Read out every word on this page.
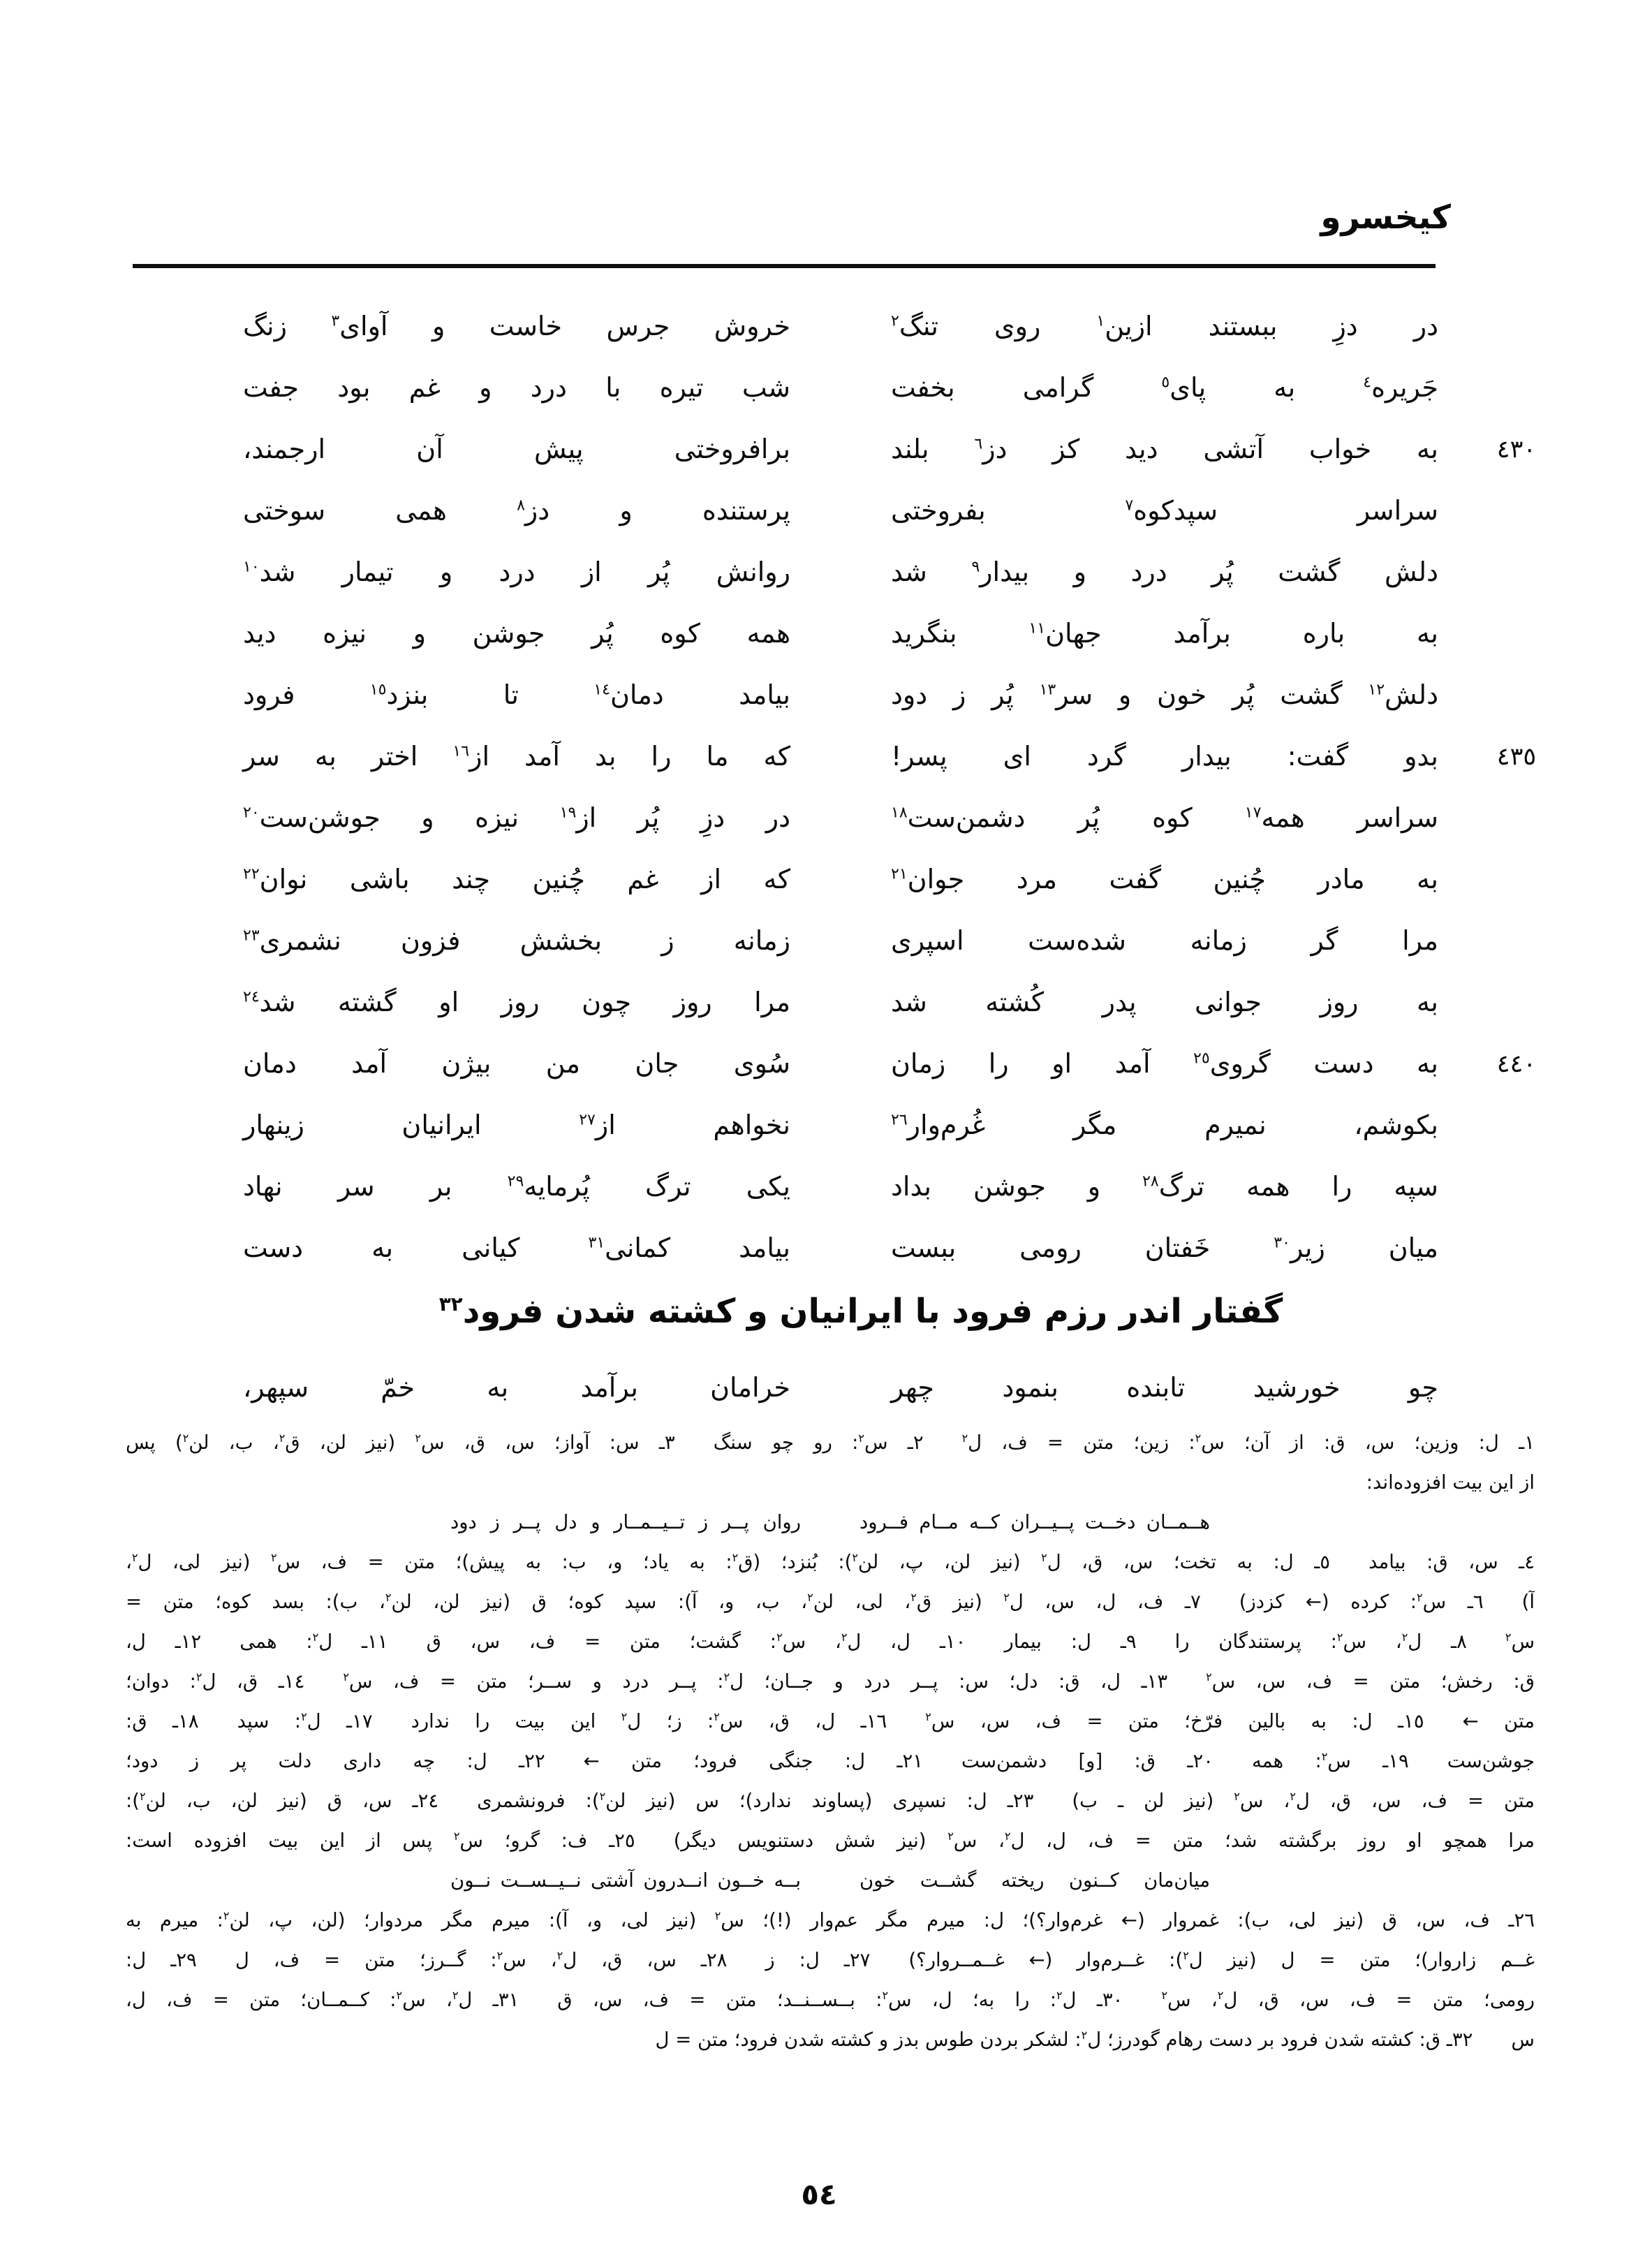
کیخسرو
در دزِ ببستند ازین$^١$ روی تنگ$^٢$
خروش جرس خاست و آوای$^٣$ زنگ
جَریره$^٤$ به پای$^٥$ گرامی بخفت
شب تیره با درد و غم بود جفت
٤٣٠
به خواب آتشی دید کز دز$^٦$ بلند
برافروختی پیش آن ارجمند،
سراسر سپدکوه$^٧$ بفروختی
پرستنده و دز$^٨$ همی سوختی
دلش گشت پُر درد و بیدار$^٩$ شد
روانش پُر از درد و تیمار شد$^{١٠}$
به باره برآمد جهان$^{١١}$ بنگرید
همه کوه پُر جوشن و نیزه دید
دلش$^{١٢}$ گشت پُر خون و سر$^{١٣}$ پُر ز دود
بیامد دمان$^{١٤}$ تا بنزد$^{١٥}$ فرود
٤٣٥
بدو گفت: بیدار گرد ای پسر!
که ما را بد آمد از$^{١٦}$ اختر به سر
سراسر همه$^{١٧}$ کوه پُر دشمن‌ست$^{١٨}$
در دزِ پُر از$^{١٩}$ نیزه و جوشن‌ست$^{٢٠}$
به مادر چُنین گفت مرد جوان$^{٢١}$
که از غم چُنین چند باشی نوان$^{٢٢}$
مرا گر زمانه شده‌ست اسپری
زمانه ز بخشش فزون نشمری$^{٢٣}$
به روز جوانی پدر کُشته شد
مرا روز چون روز او گشته شد$^{٢٤}$
٤٤٠
به دست گروی$^{٢٥}$ آمد او را زمان
سُوی جان من بیژن آمد دمان
بکوشم، نمیرم مگر غُرم‌وار$^{٢٦}$
نخواهم از$^{٢٧}$ ایرانیان زینهار
سپه را همه ترگ$^{٢٨}$ و جوشن بداد
یکی ترگ پُرمایه$^{٢٩}$ بر سر نهاد
میان زیر$^{٣٠}$ خَفتان رومی ببست
بیامد کمانی$^{٣١}$ کیانی به دست
گفتار اندر رزم فرود با ایرانیان و کشته شدن فرود$^{٣٢}$
چو خورشید تابنده بنمود چهر
خرامان برآمد به خمّ سپهر،
١ـ ل: وزین؛ س، ق: از آن؛ س$^٢$: زین؛ متن = ف، ل$^٢$  ٢ـ س$^٢$: رو چو سنگ  ٣ـ س: آواز؛ س، ق، س$^٢$ (نیز لن، ق$^٢$، ب، لن$^٢$) پس
از این بیت افزوده‌اند:
هــمــان دخــت پــیــران کــه مــام فــرود
روان پــر ز تــیــمــار و دل پــر ز دود
٤ـ س، ق: بیامد  ٥ـ ل: به تخت؛ س، ق، ل$^٢$ (نیز لن، پ، لن$^٢$): بُنزد؛ (ق$^٢$: به یاد؛ و، ب: به پیش)؛ متن = ف، س$^٢$ (نیز لی، ل$^٢$،
آ)  ٦ـ س$^٢$: کرده (← کزدز)  ٧ـ ف، ل، س، ل$^٢$ (نیز ق$^٢$، لی، لن$^٢$، ب، و، آ): سپد کوه؛ ق (نیز لن، لن$^٢$، ب): بسد کوه؛ متن =
س$^٢$  ٨ـ ل$^٢$، س$^٢$: پرستندگان را  ٩ـ ل: بیمار  ١٠ـ ل، ل$^٢$، س$^٢$: گشت؛ متن = ف، س، ق  ١١ـ ل$^٢$: همی  ١٢ـ ل،
ق: رخش؛ متن = ف، س، س$^٢$  ١٣ـ ل، ق: دل؛ س: پــر درد و جــان؛ ل$^٢$: پــر درد و ســر؛ متن = ف، س$^٢$  ١٤ـ ق، ل$^٢$: دوان؛
متن ←  ١٥ـ ل: به بالین فرّخ؛ متن = ف، س، س$^٢$  ١٦ـ ل، ق، س$^٢$: ز؛ ل$^٢$ این بیت را ندارد  ١٧ـ ل$^٢$: سپد  ١٨ـ ق:
جوشن‌ست  ١٩ـ س$^٢$: همه  ٢٠ـ ق: [و] دشمن‌ست  ٢١ـ ل: جنگی فرود؛ متن ←  ٢٢ـ ل: چه داری دلت پر ز دود؛
متن = ف، س، ق، ل$^٢$، س$^٢$ (نیز لن ـ ب)  ٢٣ـ ل: نسپری (پساوند ندارد)؛ س (نیز لن$^٢$): فرونشمری  ٢٤ـ س، ق (نیز لن، ب، لن$^٢$):
مرا همچو او روز برگشته شد؛ متن = ف، ل، ل$^٢$، س$^٢$ (نیز شش دستنویس دیگر)  ٢٥ـ ف: گرو؛ س$^٢$ پس از این بیت افزوده است:
میان‌مان کــنون ریخته گشــت خون
بــه خــون انــدرون آشتی نــیــســت نــون
٢٦ـ ف، س، ق (نیز لی، ب): غمروار (← غرم‌وار؟)؛ ل: میرم مگر عم‌وار (!)؛ س$^٢$ (نیز لی، و، آ): میرم مگر مردوار؛ (لن، پ، لن$^٢$: میرم به
غــم زاروار)؛ متن = ل (نیز ل$^٢$): غــرم‌وار (← غــمــروار؟)  ٢٧ـ ل: ز  ٢٨ـ س، ق، ل$^٢$، س$^٢$: گــرز؛ متن = ف، ل  ٢٩ـ ل:
رومی؛ متن = ف، س، ق، ل$^٢$، س$^٢$  ٣٠ـ ل$^٢$: را به؛ ل، س$^٢$: بــســنــد؛ متن = ف، س، ق  ٣١ـ ل$^٢$، س$^٢$: کــمــان؛ متن = ف، ل،
س  ٣٢ـ ق: کشته شدن فرود بر دست رهام گودرز؛ ل$^٢$: لشکر بردن طوس بدز و کشته شدن فرود؛ متن = ل
٥٤
